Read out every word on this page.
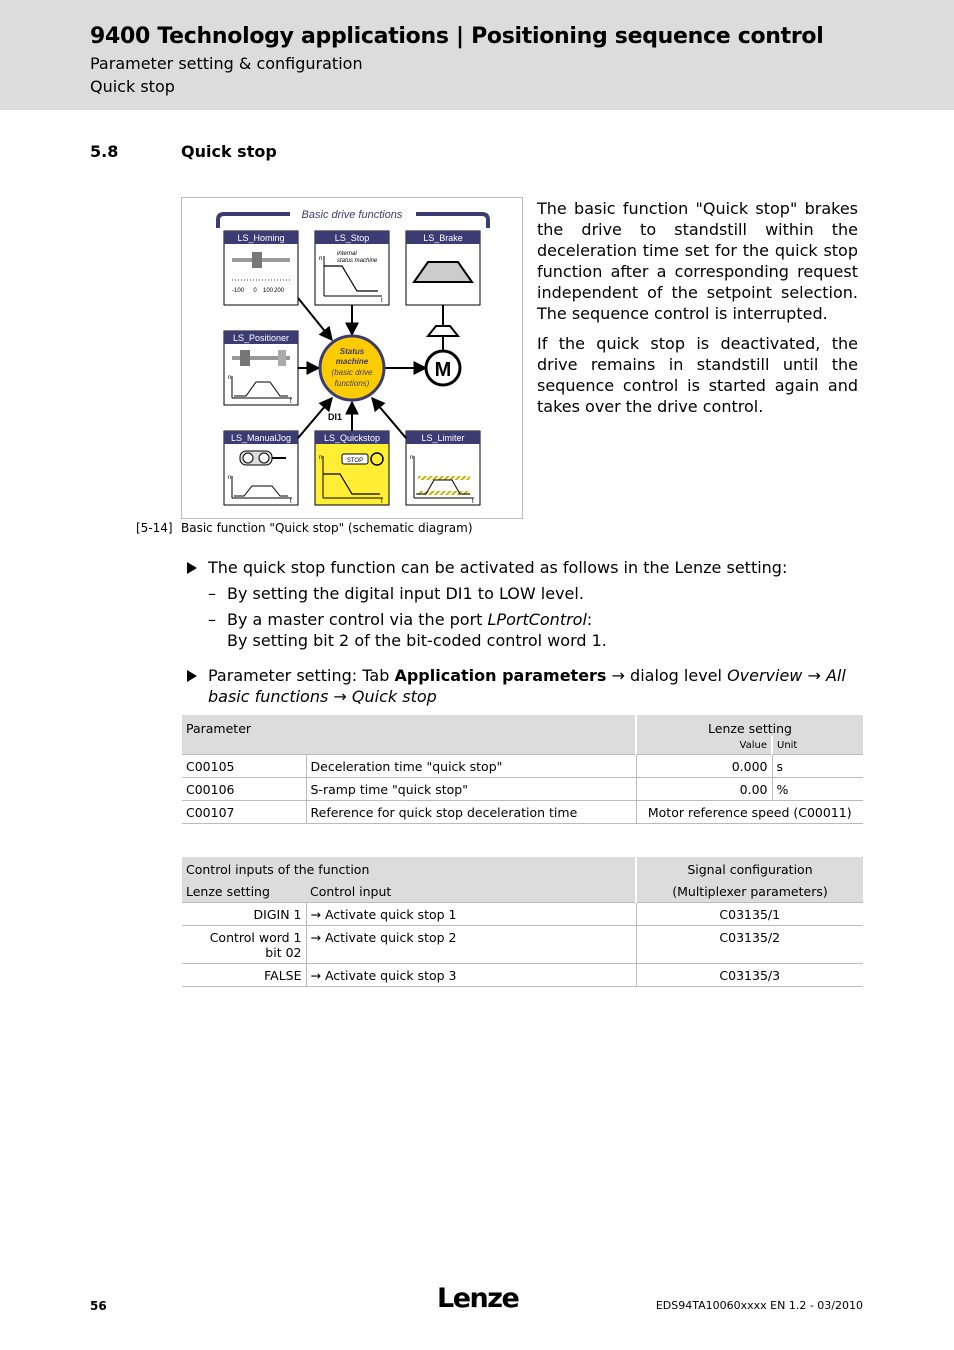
9400 Technology applications | Positioning sequence control
Parameter setting & configuration
Quick stop
5.8	Quick stop
Basic drive functions
LS_Homing
-100 0 100 200
LS_Stop
internal
status machine
n
t
LS_Brake
LS_Positioner
n
t
LS_ManualJog
n
t
LS_Quickstop
STOP
n
t
LS_Limiter
n
t
Status
machine
(basic drive
functions)
M
DI1
[5-14] Basic function "Quick stop" (schematic diagram)

The basic function "Quick stop" brakes the drive to standstill within the deceleration time set for the quick stop function after a corresponding request independent of the setpoint selection. The sequence control is interrupted.

If the quick stop is deactivated, the drive remains in standstill until the sequence control is started again and takes over the drive control.

The quick stop function can be activated as follows in the Lenze setting:
– By setting the digital input DI1 to LOW level.
– By a master control via the port LPortControl:
By setting bit 2 of the bit-coded control word 1.
Parameter setting: Tab Application parameters → dialog level Overview → All basic functions → Quick stop
Parameter		Lenze setting	
		Value	Unit
C00105	Deceleration time "quick stop"	0.000	s
C00106	S-ramp time "quick stop"	0.00	%
C00107	Reference for quick stop deceleration time	Motor reference speed (C00011)	
Control inputs of the function		Signal configuration
Lenze setting	Control input	(Multiplexer parameters)
DIGIN 1	→ Activate quick stop 1	C03135/1
Control word 1
bit 02	→ Activate quick stop 2	C03135/2
FALSE	→ Activate quick stop 3	C03135/3
56	Lenze	EDS94TA10060xxxx EN 1.2 - 03/2010
